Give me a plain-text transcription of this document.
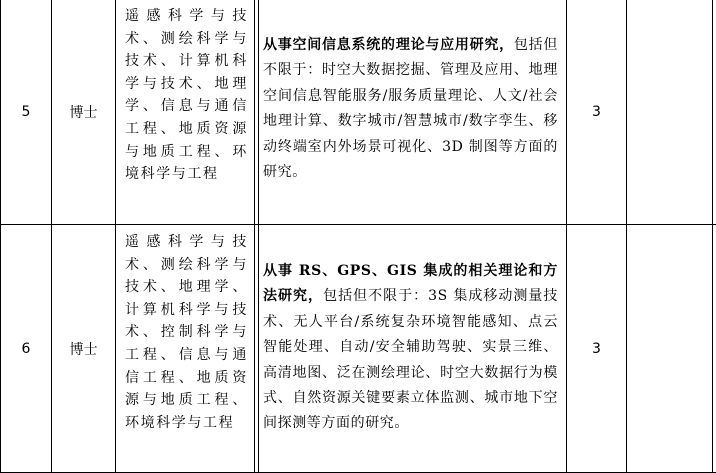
5	博士	遥感科学与技术、测绘科学与技术、计算机科学与技术、地理学、信息与通信工程、地质资源与地质工程、环境科学与工程	从事空间信息系统的理论与应用研究，包括但不限于：时空大数据挖掘、管理及应用、地理空间信息智能服务/服务质量理论、人文/社会地理计算、数字城市/智慧城市/数字孪生、移动终端室内外场景可视化、3D 制图等方面的研究。	3		
6	博士	遥感科学与技术、测绘科学与技术、地理学、计算机科学与技术、控制科学与工程、信息与通信工程、地质资源与地质工程、环境科学与工程	从事 RS、GPS、GIS 集成的相关理论和方法研究，包括但不限于：3S 集成移动测量技术、无人平台/系统复杂环境智能感知、点云智能处理、自动/安全辅助驾驶、实景三维、高清地图、泛在测绘理论、时空大数据行为模式、自然资源关键要素立体监测、城市地下空间探测等方面的研究。	3		
